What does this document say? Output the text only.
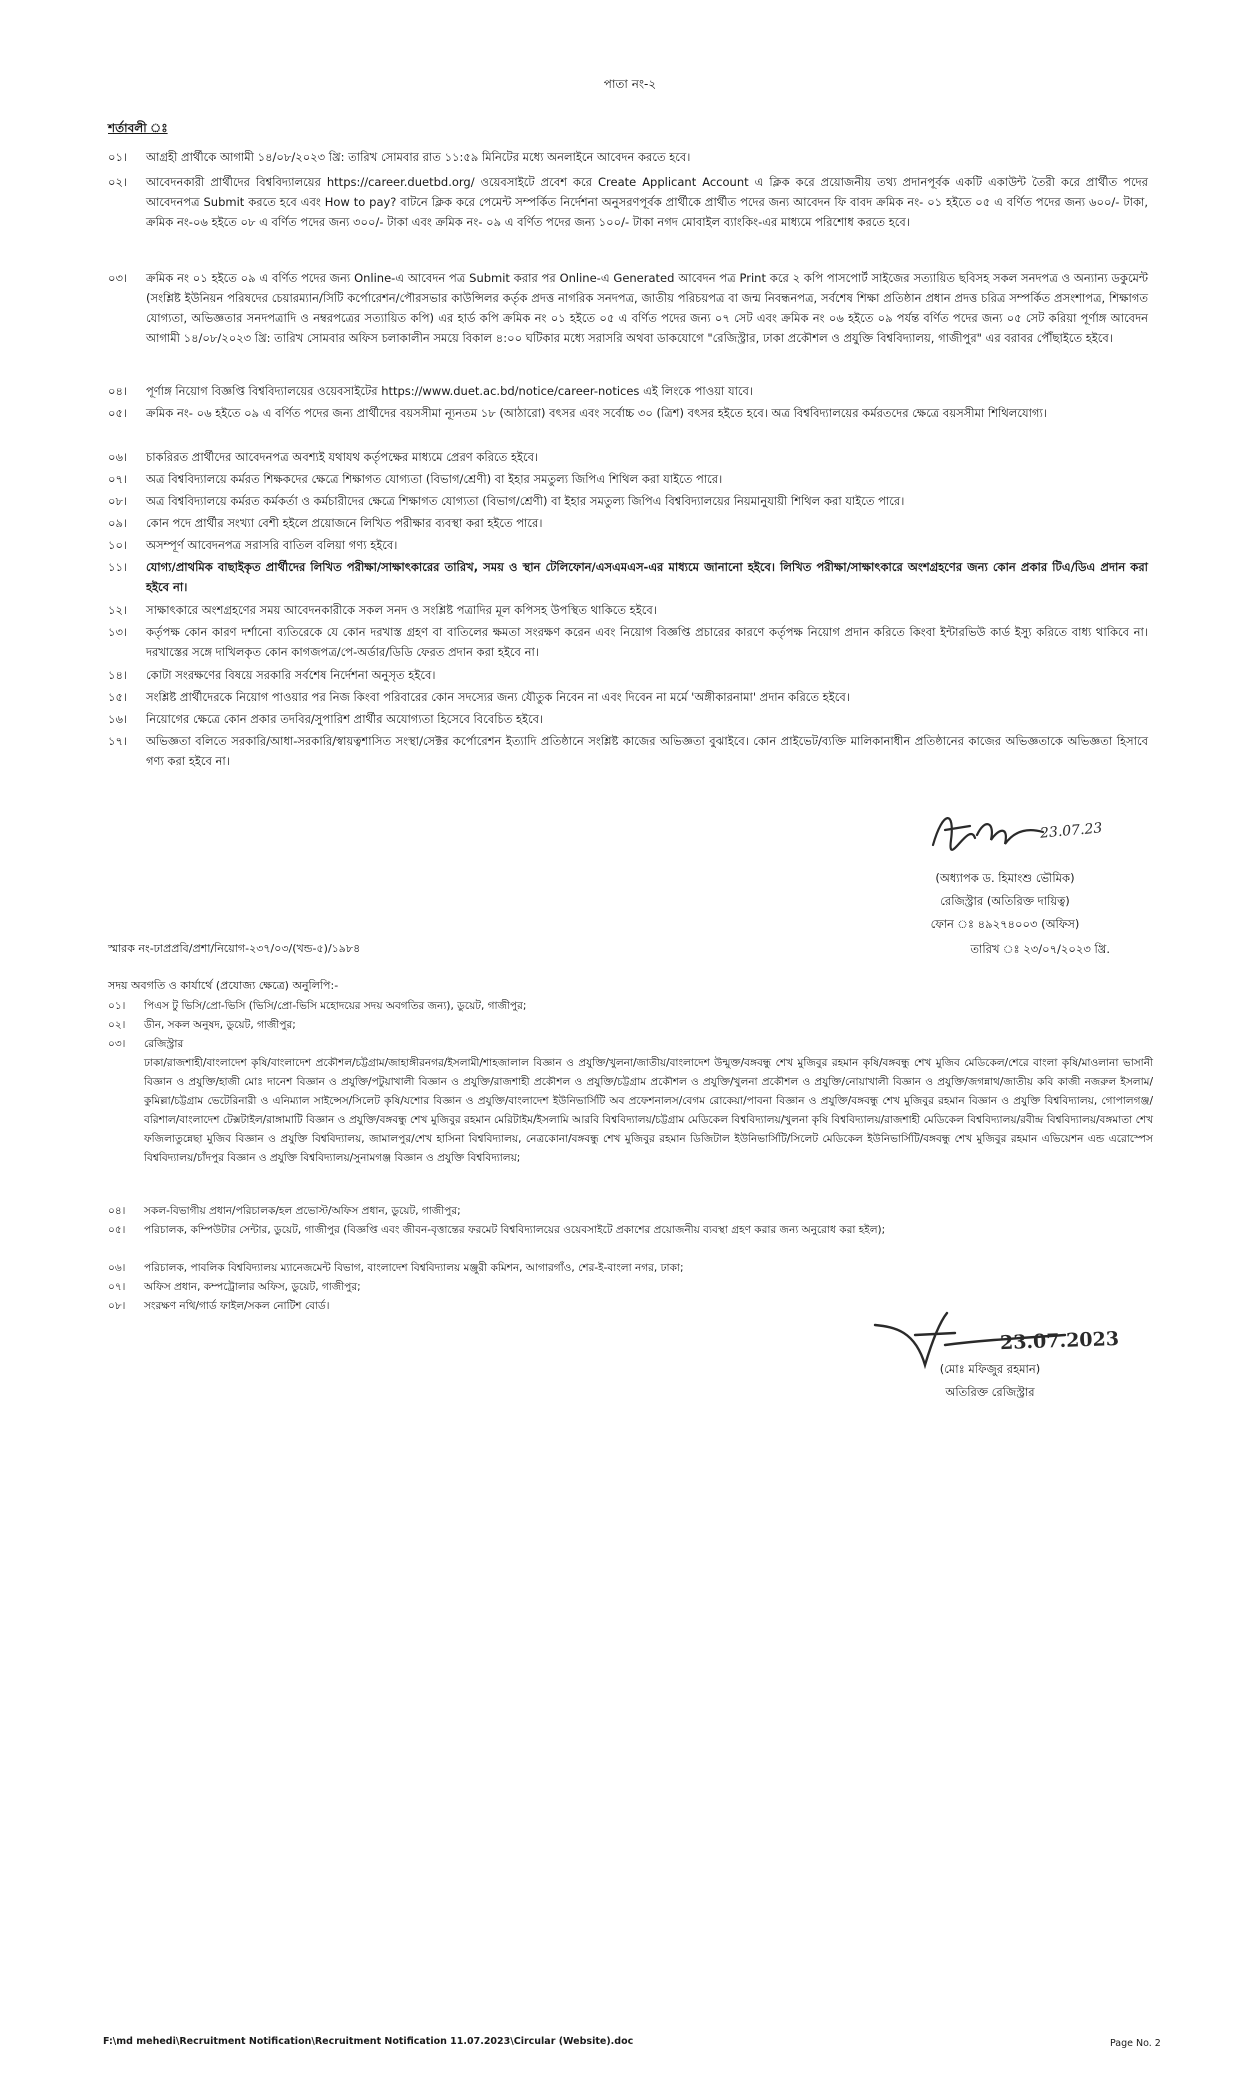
পাতা নং-২
শর্তাবলী ঃ
০১।	আগ্রহী প্রার্থীকে আগামী ১৪/০৮/২০২৩ খ্রি: তারিখ সোমবার রাত ১১:৫৯ মিনিটের মধ্যে অনলাইনে আবেদন করতে হবে।
০২।	আবেদনকারী প্রার্থীদের বিশ্ববিদ্যালয়ের https://career.duetbd.org/ ওয়েবসাইটে প্রবেশ করে Create Applicant Account এ ক্লিক করে প্রয়োজনীয় তথ্য প্রদানপূর্বক একটি একাউন্ট তৈরী করে প্রার্থীত পদের আবেদনপত্র Submit করতে হবে এবং How to pay? বাটনে ক্লিক করে পেমেন্ট সম্পর্কিত নির্দেশনা অনুসরণপূর্বক প্রার্থীকে প্রার্থীত পদের জন্য আবেদন ফি বাবদ ক্রমিক নং- ০১ হইতে ০৫ এ বর্ণিত পদের জন্য ৬০০/- টাকা, ক্রমিক নং-০৬ হইতে ০৮ এ বর্ণিত পদের জন্য ৩০০/- টাকা এবং ক্রমিক নং- ০৯ এ বর্ণিত পদের জন্য ১০০/- টাকা নগদ মোবাইল ব্যাংকিং-এর মাধ্যমে পরিশোধ করতে হবে।
০৩।	ক্রমিক নং ০১ হইতে ০৯ এ বর্ণিত পদের জন্য Online-এ আবেদন পত্র Submit করার পর Online-এ Generated আবেদন পত্র Print করে ২ কপি পাসপোর্ট সাইজের সত্যায়িত ছবিসহ সকল সনদপত্র ও অন্যান্য ডকুমেন্ট (সংশ্লিষ্ট ইউনিয়ন পরিষদের চেয়ারম্যান/সিটি কর্পোরেশন/পৌরসভার কাউন্সিলর কর্তৃক প্রদত্ত নাগরিক সনদপত্র, জাতীয় পরিচয়পত্র বা জন্ম নিবন্ধনপত্র, সর্বশেষ শিক্ষা প্রতিষ্ঠান প্রধান প্রদত্ত চরিত্র সম্পর্কিত প্রসংশাপত্র, শিক্ষাগত যোগ্যতা, অভিজ্ঞতার সনদপত্রাদি ও নম্বরপত্রের সত্যায়িত কপি) এর হার্ড কপি ক্রমিক নং ০১ হইতে ০৫ এ বর্ণিত পদের জন্য ০৭ সেট এবং ক্রমিক নং ০৬ হইতে ০৯ পর্যন্ত বর্ণিত পদের জন্য ০৫ সেট করিয়া পূর্ণাঙ্গ আবেদন আগামী ১৪/০৮/২০২৩ খ্রি: তারিখ সোমবার অফিস চলাকালীন সময়ে বিকাল ৪:০০ ঘটিকার মধ্যে সরাসরি অথবা ডাকযোগে "রেজিস্ট্রার, ঢাকা প্রকৌশল ও প্রযুক্তি বিশ্ববিদ্যালয়, গাজীপুর" এর বরাবর পৌঁছাইতে হইবে।
০৪।	পূর্ণাঙ্গ নিয়োগ বিজ্ঞপ্তি বিশ্ববিদ্যালয়ের ওয়েবসাইটের https://www.duet.ac.bd/notice/career-notices এই লিংকে পাওয়া যাবে।
০৫।	ক্রমিক নং- ০৬ হইতে ০৯ এ বর্ণিত পদের জন্য প্রার্থীদের বয়সসীমা ন্যূনতম ১৮ (আঠারো) বৎসর এবং সর্বোচ্চ ৩০ (ত্রিশ) বৎসর হইতে হবে। অত্র বিশ্ববিদ্যালয়ের কর্মরতদের ক্ষেত্রে বয়সসীমা শিথিলযোগ্য।
০৬।	চাকরিরত প্রার্থীদের আবেদনপত্র অবশ্যই যথাযথ কর্তৃপক্ষের মাধ্যমে প্রেরণ করিতে হইবে।
০৭।	অত্র বিশ্ববিদ্যালয়ে কর্মরত শিক্ষকদের ক্ষেত্রে শিক্ষাগত যোগ্যতা (বিভাগ/শ্রেণী) বা ইহার সমতুল্য জিপিএ শিথিল করা যাইতে পারে।
০৮।	অত্র বিশ্ববিদ্যালয়ে কর্মরত কর্মকর্তা ও কর্মচারীদের ক্ষেত্রে শিক্ষাগত যোগ্যতা (বিভাগ/শ্রেণী) বা ইহার সমতুল্য জিপিএ বিশ্ববিদ্যালয়ের নিয়মানুযায়ী শিথিল করা যাইতে পারে।
০৯।	কোন পদে প্রার্থীর সংখ্যা বেশী হইলে প্রয়োজনে লিখিত পরীক্ষার ব্যবস্থা করা হইতে পারে।
১০।	অসম্পূর্ণ আবেদনপত্র সরাসরি বাতিল বলিয়া গণ্য হইবে।
১১।	যোগ্য/প্রাথমিক বাছাইকৃত প্রার্থীদের লিখিত পরীক্ষা/সাক্ষাৎকারের তারিখ, সময় ও স্থান টেলিফোন/এসএমএস-এর মাধ্যমে জানানো হইবে। লিখিত পরীক্ষা/সাক্ষাৎকারে অংশগ্রহণের জন্য কোন প্রকার টিএ/ডিএ প্রদান করা হইবে না।
১২।	সাক্ষাৎকারে অংশগ্রহণের সময় আবেদনকারীকে সকল সনদ ও সংশ্লিষ্ট পত্রাদির মূল কপিসহ উপস্থিত থাকিতে হইবে।
১৩।	কর্তৃপক্ষ কোন কারণ দর্শানো ব্যতিরেকে যে কোন দরখাস্ত গ্রহণ বা বাতিলের ক্ষমতা সংরক্ষণ করেন এবং নিয়োগ বিজ্ঞপ্তি প্রচারের কারণে কর্তৃপক্ষ নিয়োগ প্রদান করিতে কিংবা ইন্টারভিউ কার্ড ইস্যু করিতে বাধ্য থাকিবে না। দরখাস্তের সঙ্গে দাখিলকৃত কোন কাগজপত্র/পে-অর্ডার/ডিডি ফেরত প্রদান করা হইবে না।
১৪।	কোটা সংরক্ষণের বিষয়ে সরকারি সর্বশেষ নির্দেশনা অনুসৃত হইবে।
১৫।	সংশ্লিষ্ট প্রার্থীদেরকে নিয়োগ পাওয়ার পর নিজ কিংবা পরিবারের কোন সদস্যের জন্য যৌতুক নিবেন না এবং দিবেন না মর্মে 'অঙ্গীকারনামা' প্রদান করিতে হইবে।
১৬।	নিয়োগের ক্ষেত্রে কোন প্রকার তদবির/সুপারিশ প্রার্থীর অযোগ্যতা হিসেবে বিবেচিত হইবে।
১৭।	অভিজ্ঞতা বলিতে সরকারি/আধা-সরকারি/স্বায়ত্বশাসিত সংস্থা/সেক্টর কর্পোরেশন ইত্যাদি প্রতিষ্ঠানে সংশ্লিষ্ট কাজের অভিজ্ঞতা বুঝাইবে। কোন প্রাইভেট/ব্যক্তি মালিকানাধীন প্রতিষ্ঠানের কাজের অভিজ্ঞতাকে অভিজ্ঞতা হিসাবে গণ্য করা হইবে না।
23.07.23
(অধ্যাপক ড. হিমাংশু ভৌমিক)
রেজিস্ট্রার (অতিরিক্ত দায়িত্ব)
ফোন ঃ ৪৯২৭৪০০৩ (অফিস)
স্মারক নং-ঢাপ্রপ্রবি/প্রশা/নিয়োগ-২৩৭/০৩/(খন্ড-৫)/১৯৮৪	তারিখ ঃ ২৩/০৭/২০২৩ খ্রি.
সদয় অবগতি ও কার্যার্থে (প্রযোজ্য ক্ষেত্রে) অনুলিপি:-
০১।	পিএস টু ভিসি/প্রো-ভিসি (ভিসি/প্রো-ভিসি মহোদয়ের সদয় অবগতির জন্য), ডুয়েট, গাজীপুর;
০২।	ডীন, সকল অনুষদ, ডুয়েট, গাজীপুর;
০৩।	রেজিস্ট্রার
ঢাকা/রাজশাহী/বাংলাদেশ কৃষি/বাংলাদেশ প্রকৌশল/চট্টগ্রাম/জাহাঙ্গীরনগর/ইসলামী/শাহজালাল বিজ্ঞান ও প্রযুক্তি/খুলনা/জাতীয়/বাংলাদেশ উন্মুক্ত/বঙ্গবন্ধু শেখ মুজিবুর রহমান কৃষি/বঙ্গবন্ধু শেখ মুজিব মেডিকেল/শেরে বাংলা কৃষি/মাওলানা ভাসানী বিজ্ঞান ও প্রযুক্তি/হাজী মোঃ দানেশ বিজ্ঞান ও প্রযুক্তি/পটুয়াখালী বিজ্ঞান ও প্রযুক্তি/রাজশাহী প্রকৌশল ও প্রযুক্তি/চট্টগ্রাম প্রকৌশল ও প্রযুক্তি/খুলনা প্রকৌশল ও প্রযুক্তি/নোয়াখালী বিজ্ঞান ও প্রযুক্তি/জগন্নাথ/জাতীয় কবি কাজী নজরুল ইসলাম/কুমিল্লা/চট্টগ্রাম ভেটেরিনারী ও এনিম্যাল সাইন্সেস/সিলেট কৃষি/যশোর বিজ্ঞান ও প্রযুক্তি/বাংলাদেশ ইউনিভার্সিটি অব প্রফেশনালস/বেগম রোকেয়া/পাবনা বিজ্ঞান ও প্রযুক্তি/বঙ্গবন্ধু শেখ মুজিবুর রহমান বিজ্ঞান ও প্রযুক্তি বিশ্ববিদ্যালয়, গোপালগঞ্জ/বরিশাল/বাংলাদেশ টেক্সটাইল/রাঙ্গামাটি বিজ্ঞান ও প্রযুক্তি/বঙ্গবন্ধু শেখ মুজিবুর রহমান মেরিটাইম/ইসলামি আরবি বিশ্ববিদ্যালয়/চট্টগ্রাম মেডিকেল বিশ্ববিদ্যালয়/খুলনা কৃষি বিশ্ববিদ্যালয়/রাজশাহী মেডিকেল বিশ্ববিদ্যালয়/রবীন্দ্র বিশ্ববিদ্যালয়/বঙ্গমাতা শেখ ফজিলাতুন্নেছা মুজিব বিজ্ঞান ও প্রযুক্তি বিশ্ববিদ্যালয়, জামালপুর/শেখ হাসিনা বিশ্ববিদ্যালয়, নেত্রকোনা/বঙ্গবন্ধু শেখ মুজিবুর রহমান ডিজিটাল ইউনিভার্সিটি/সিলেট মেডিকেল ইউনিভার্সিটি/বঙ্গবন্ধু শেখ মুজিবুর রহমান এভিয়েশন এন্ড এরোস্পেস বিশ্ববিদ্যালয়/চাঁদপুর বিজ্ঞান ও প্রযুক্তি বিশ্ববিদ্যালয়/সুনামগঞ্জ বিজ্ঞান ও প্রযুক্তি বিশ্ববিদ্যালয়;
০৪।	সকল-বিভাগীয় প্রধান/পরিচালক/হল প্রভোস্ট/অফিস প্রধান, ডুয়েট, গাজীপুর;
০৫।	পরিচালক, কম্পিউটার সেন্টার, ডুয়েট, গাজীপুর (বিজ্ঞপ্তি এবং জীবন-বৃত্তান্তের ফরমেট বিশ্ববিদ্যালয়ের ওয়েবসাইটে প্রকাশের প্রয়োজনীয় ব্যবস্থা গ্রহণ করার জন্য অনুরোধ করা হইল);
০৬।	পরিচালক, পাবলিক বিশ্ববিদ্যালয় ম্যানেজমেন্ট বিভাগ, বাংলাদেশ বিশ্ববিদ্যালয় মঞ্জুরী কমিশন, আগারগাঁও, শের-ই-বাংলা নগর, ঢাকা;
০৭।	অফিস প্রধান, কম্পট্রোলার অফিস, ডুয়েট, গাজীপুর;
০৮।	সংরক্ষণ নথি/গার্ড ফাইল/সকল নোটিশ বোর্ড।
23.07.2023
(মোঃ মফিজুর রহমান)
অতিরিক্ত রেজিস্ট্রার
F:\md mehedi\Recruitment Notification\Recruitment Notification 11.07.2023\Circular (Website).doc	Page No. 2
